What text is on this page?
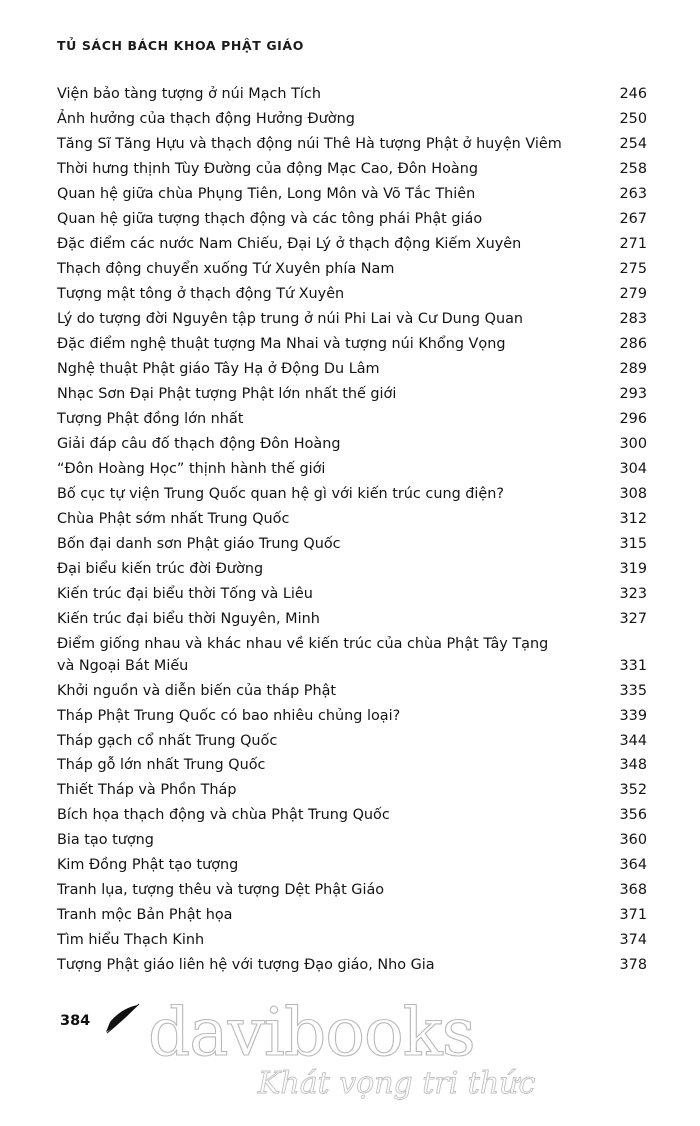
TỦ SÁCH BÁCH KHOA PHẬT GIÁO
Viện bảo tàng tượng ở núi Mạch Tích	246
Ảnh hưởng của thạch động Hưởng Đường	250
Tăng Sĩ Tăng Hựu và thạch động núi Thê Hà tượng Phật ở huyện Viêm	254
Thời hưng thịnh Tùy Đường của động Mạc Cao, Đôn Hoàng	258
Quan hệ giữa chùa Phụng Tiên, Long Môn và Võ Tắc Thiên	263
Quan hệ giữa tượng thạch động và các tông phái Phật giáo	267
Đặc điểm các nước Nam Chiếu, Đại Lý ở thạch động Kiếm Xuyên	271
Thạch động chuyển xuống Tứ Xuyên phía Nam	275
Tượng mật tông ở thạch động Tứ Xuyên	279
Lý do tượng đời Nguyên tập trung ở núi Phi Lai và Cư Dung Quan	283
Đặc điểm nghệ thuật tượng Ma Nhai và tượng núi Khổng Vọng	286
Nghệ thuật Phật giáo Tây Hạ ở Động Du Lâm	289
Nhạc Sơn Đại Phật tượng Phật lớn nhất thế giới	293
Tượng Phật đồng lớn nhất	296
Giải đáp câu đố thạch động Đôn Hoàng	300
“Đôn Hoàng Học” thịnh hành thế giới	304
Bố cục tự viện Trung Quốc quan hệ gì với kiến trúc cung điện?	308
Chùa Phật sớm nhất Trung Quốc	312
Bốn đại danh sơn Phật giáo Trung Quốc	315
Đại biểu kiến trúc đời Đường	319
Kiến trúc đại biểu thời Tống và Liêu	323
Kiến trúc đại biểu thời Nguyên, Minh	327
Điểm giống nhau và khác nhau về kiến trúc của chùa Phật Tây Tạng
và Ngoại Bát Miếu	331
Khởi nguồn và diễn biến của tháp Phật	335
Tháp Phật Trung Quốc có bao nhiêu chủng loại?	339
Tháp gạch cổ nhất Trung Quốc	344
Tháp gỗ lớn nhất Trung Quốc	348
Thiết Tháp và Phồn Tháp	352
Bích họa thạch động và chùa Phật Trung Quốc	356
Bia tạo tượng	360
Kim Đồng Phật tạo tượng	364
Tranh lụa, tượng thêu và tượng Dệt Phật Giáo	368
Tranh mộc Bản Phật họa	371
Tìm hiểu Thạch Kinh	374
Tượng Phật giáo liên hệ với tượng Đạo giáo, Nho Gia	378
davibooks
Khát vọng tri thức
384
